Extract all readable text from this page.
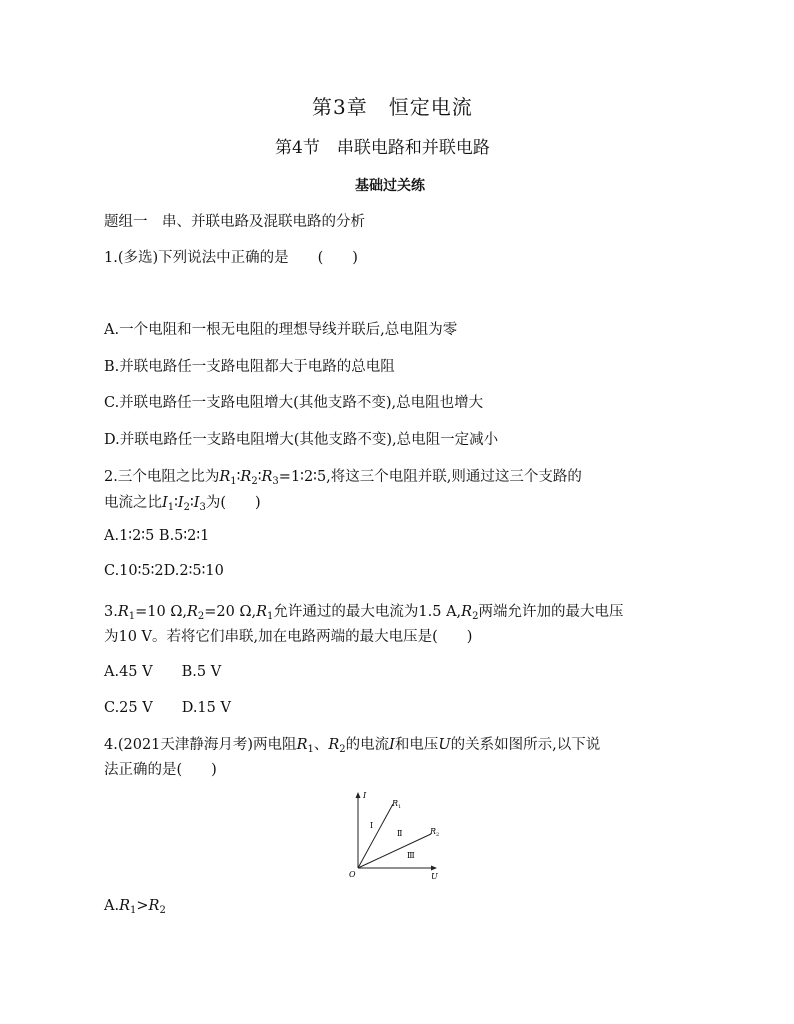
第3章　恒定电流
第4节　串联电路和并联电路
基础过关练
题组一　串、并联电路及混联电路的分析
1.(多选)下列说法中正确的是　　(　　)
A.一个电阻和一根无电阻的理想导线并联后,总电阻为零
B.并联电路任一支路电阻都大于电路的总电阻
C.并联电路任一支路电阻增大(其他支路不变),总电阻也增大
D.并联电路任一支路电阻增大(其他支路不变),总电阻一定减小
2.三个电阻之比为$R_1∶R_2∶R_3=1∶2∶5$,将这三个电阻并联,则通过这三个支路的
电流之比$I_1∶I_2∶I_3$为(　　)
A.1∶2∶5 B.5∶2∶1
C.10∶5∶2D.2∶5∶10
$3.R_1=10$ $\Omega,R_2=20$ $\Omega,R_1$允许通过的最大电流为1.5 $A,R_2$两端允许加的最大电压
为10 V。若将它们串联,加在电路两端的最大电压是(　　)
A.45 V　　B.5 V
C.25 V　　D.15 V
4.(2021天津静海月考)两电阻$R_1$、$R_2$的电流I和电压U的关系如图所示,以下说
法正确的是(　　)
I
U
O
$R_1$
$R_2$
Ⅰ
Ⅱ
Ⅲ
$A.R_1>R_2$
